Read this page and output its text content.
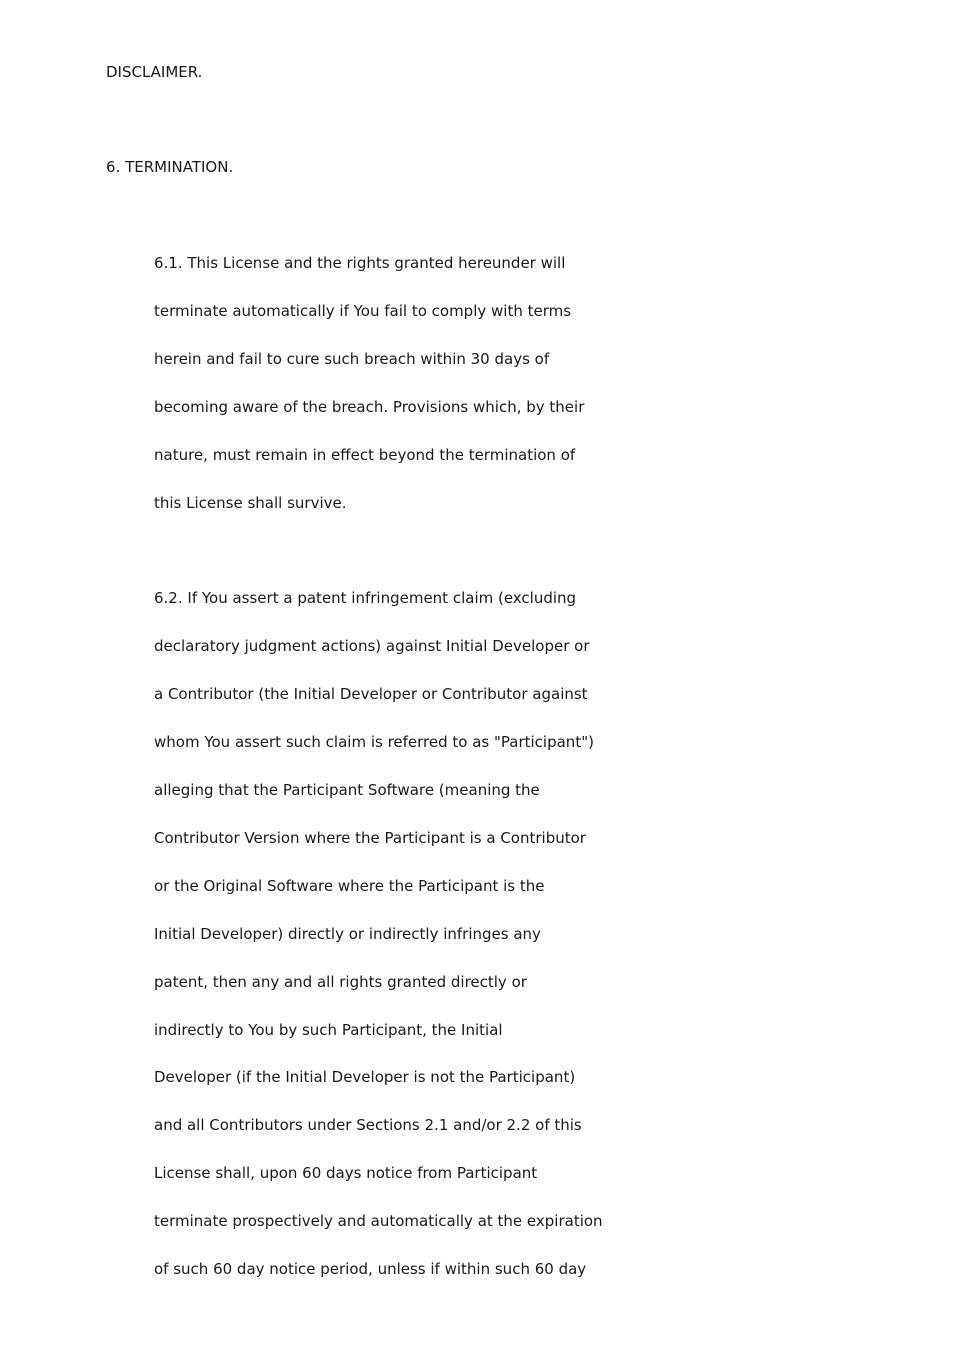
DISCLAIMER.
6. TERMINATION.
6.1. This License and the rights granted hereunder will
terminate automatically if You fail to comply with terms
herein and fail to cure such breach within 30 days of
becoming aware of the breach. Provisions which, by their
nature, must remain in effect beyond the termination of
this License shall survive.
6.2. If You assert a patent infringement claim (excluding
declaratory judgment actions) against Initial Developer or
a Contributor (the Initial Developer or Contributor against
whom You assert such claim is referred to as "Participant")
alleging that the Participant Software (meaning the
Contributor Version where the Participant is a Contributor
or the Original Software where the Participant is the
Initial Developer) directly or indirectly infringes any
patent, then any and all rights granted directly or
indirectly to You by such Participant, the Initial
Developer (if the Initial Developer is not the Participant)
and all Contributors under Sections 2.1 and/or 2.2 of this
License shall, upon 60 days notice from Participant
terminate prospectively and automatically at the expiration
of such 60 day notice period, unless if within such 60 day
